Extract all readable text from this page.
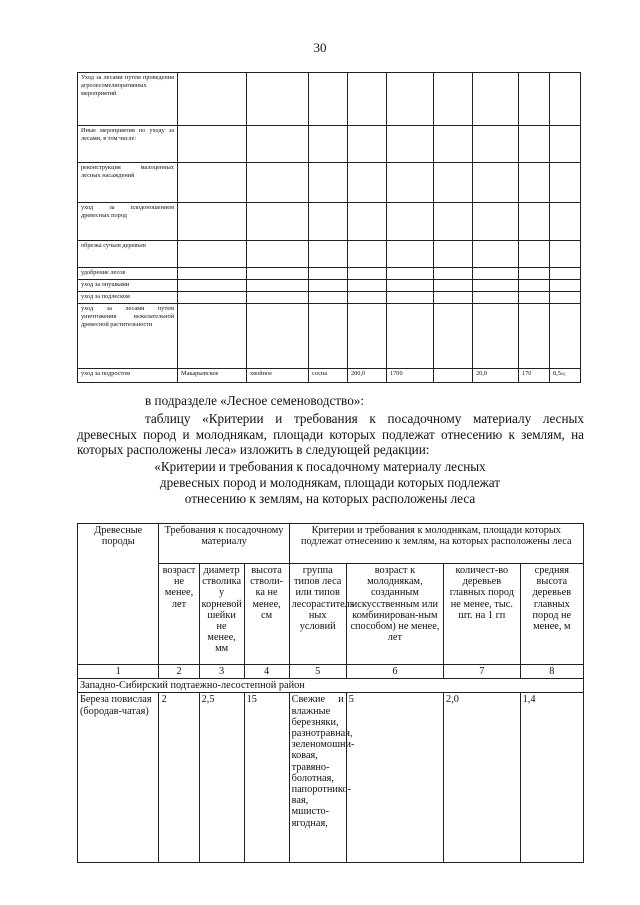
30
Уход за лесами путем проведения агролесомелиоративных мероприятий									
Иные мероприятия по уходу за лесами, в том числе:									
реконструкция малоценных лесных насаждений									
уход за плодоношением древесных пород									
обрезка сучьев деревьев									
удобрение лесов									
уход за опушками									
уход за подлеском									
уход за лесами путем уничтожения нежелательной древесной растительности									
уход за подростом	Макарьевское	хвойное	сосна	200,0	1700		20,0	170	8,5»;
в подразделе «Лесное семеноводство»:
таблицу «Критерии и требования к посадочному материалу лесных древесных пород и молоднякам, площади которых подлежат отнесению к землям, на которых расположены леса» изложить в следующей редакции:
«Критерии и требования к посадочному материалу лесных
древесных пород и молоднякам, площади которых подлежат
отнесению к землям, на которых расположены леса
Древесные породы	Требования к посадочному материалу			Критерии и требования к молоднякам, площади которых подлежат отнесению к землям, на которых расположены леса			
	возраст не менее, лет	диаметр стволика у корневой шейки не менее, мм	высота стволи-ка не менее, см	группа типов леса или типов лесораститель ных условий	возраст к молоднякам, созданным искусственным или комбинирован-ным способом) не менее, лет	количест-во деревьев главных пород не менее, тыс. шт. на 1 гп	средняя высота деревьев главных пород не менее, м
1	2	3	4	5	6	7	8
Западно-Сибирский подтаежно-лесостепной район							
Береза повислая (бородав-чатая)	2	2,5	15	Свежие и влажные березняки, разнотравная, зеленомошни-ковая, травяно-болотная, папоротнико-вая, мшисто-ягодная,	5	2,0	1,4
